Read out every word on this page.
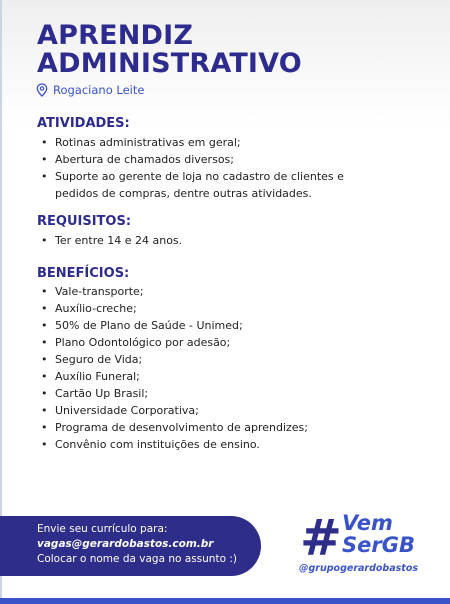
APRENDIZ
ADMINISTRATIVO
Rogaciano Leite
ATIVIDADES:
• Rotinas administrativas em geral;
• Abertura de chamados diversos;
• Suporte ao gerente de loja no cadastro de clientes e pedidos de compras, dentre outras atividades.
REQUISITOS:
• Ter entre 14 e 24 anos.
BENEFÍCIOS:
• Vale-transporte;
• Auxílio-creche;
• 50% de Plano de Saúde - Unimed;
• Plano Odontológico por adesão;
• Seguro de Vida;
• Auxílio Funeral;
• Cartão Up Brasil;
• Universidade Corporativa;
• Programa de desenvolvimento de aprendizes;
• Convênio com instituições de ensino.
Envie seu currículo para:
vagas@gerardobastos.com.br
Colocar o nome da vaga no assunto :)	# Vem
SerGB
@grupogerardobastos
